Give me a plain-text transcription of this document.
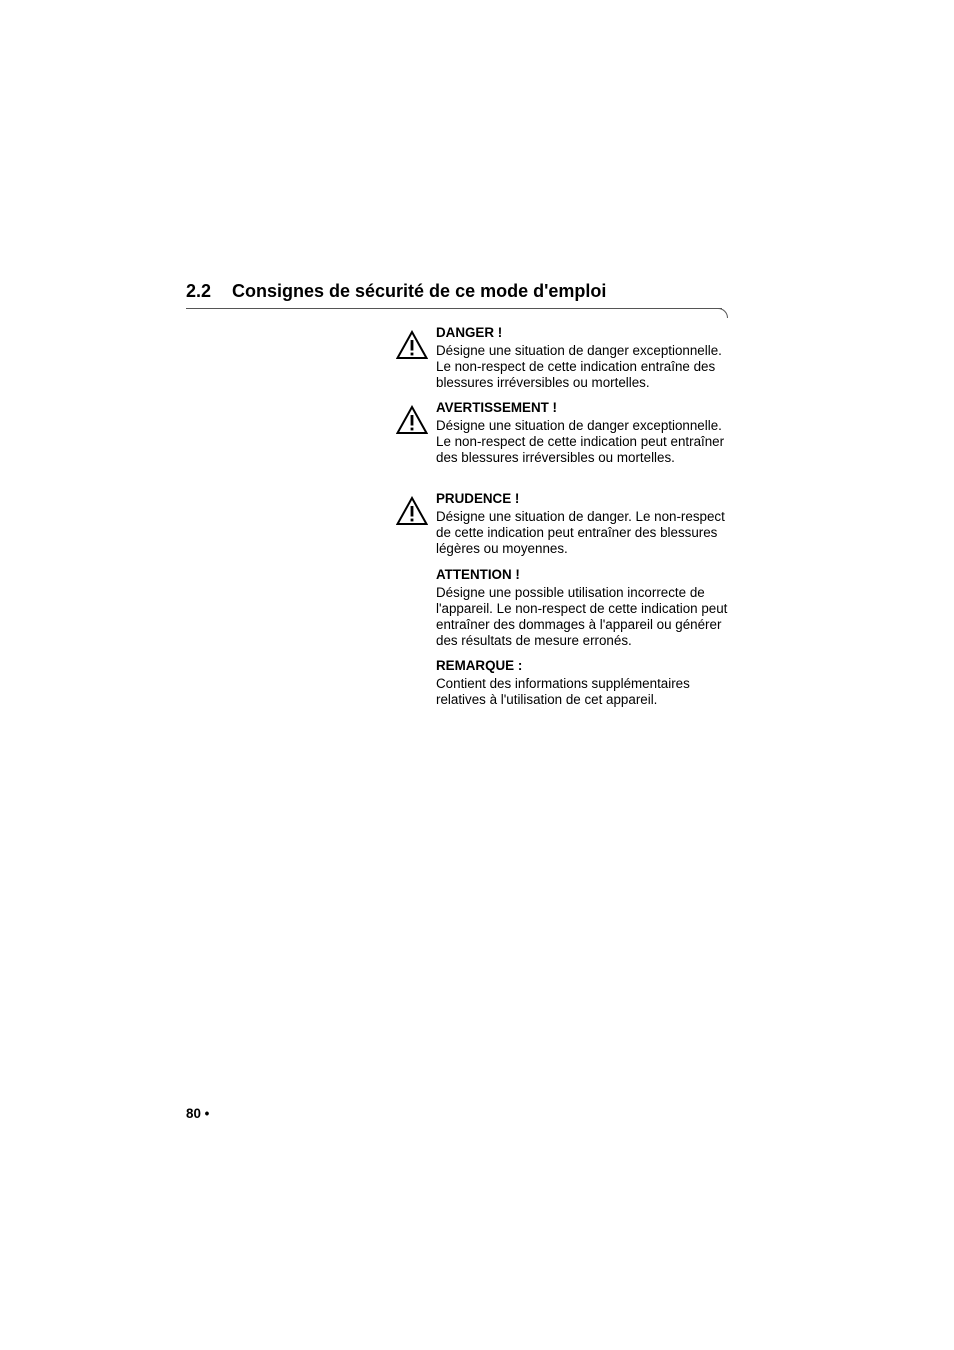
2.2 Consignes de sécurité de ce mode d'emploi

DANGER !

Désigne une situation de danger exceptionnelle. Le non-respect de cette indication entraîne des blessures irréversibles ou mortelles.

AVERTISSEMENT !

Désigne une situation de danger exceptionnelle. Le non-respect de cette indication peut entraîner des blessures irréversibles ou mortelles.

PRUDENCE !

Désigne une situation de danger. Le non-respect de cette indication peut entraîner des blessures légères ou moyennes.

ATTENTION !

Désigne une possible utilisation incorrecte de l'appareil. Le non-respect de cette indication peut entraîner des dommages à l'appareil ou générer des résultats de mesure erronés.

REMARQUE :

Contient des informations supplémentaires relatives à l'utilisation de cet appareil.

80 •
